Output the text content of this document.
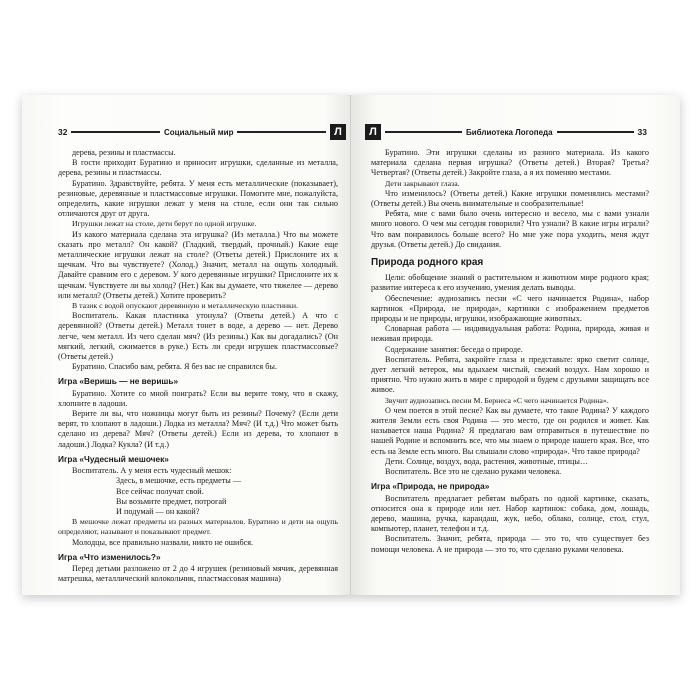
32	Социальный мир	Л
дерева, резины и пластмассы.
В гости приходит Буратино и приносит игрушки, сделанные из металла, дерева, резины и пластмассы.
Буратино. Здравствуйте, ребята. У меня есть металлические (показывает), резиновые, деревянные и пластмассовые игрушки. Помогите мне, пожалуйста, определить, какие игрушки лежат у меня на столе, если они так сильно отличаются друг от друга.
Игрушки лежат на столе, дети берут по одной игрушке.
Из какого материала сделана эта игрушка? (Из металла.) Что вы можете сказать про металл? Он какой? (Гладкий, твердый, прочный.) Какие еще металлические игрушки лежат на столе? (Ответы детей.) Прислоните их к щечкам. Что вы чувствуете? (Холод.) Значит, металл на ощупь холодный. Давайте сравним его с деревом. У кого деревянные игрушки? Прислоните их к щечкам. Чувствуете ли вы холод? (Нет.) Как вы думаете, что тяжелее — дерево или металл? (Ответы детей.) Хотите проверить?
В тазик с водой опускают деревянную и металлическую пластинки.
Воспитатель. Какая пластинка утонула? (Ответы детей.) А что с деревянной? (Ответы детей.) Металл тонет в воде, а дерево — нет. Дерево легче, чем металл. Из чего сделан мяч? (Из резины.) Как вы догадались? (Он мягкий, легкий, сжимается в руке.) Есть ли среди игрушек пластмассовые? (Ответы детей.)
Буратино. Спасибо вам, ребята. Я без вас не справился бы.
Игра «Веришь — не веришь»
Буратино. Хотите со мной поиграть? Если вы верите тому, что я скажу, хлопните в ладоши.
Верите ли вы, что ножницы могут быть из резины? Почему? (Если дети верят, то хлопают в ладоши.) Лодка из металла? Мяч? (И т.д.) Что может быть сделано из дерева? Мяч? (Ответы детей.) Если из дерева, то хлопают в ладоши.) Лодка? Кукла? (И т.д.)
Игра «Чудесный мешочек»
Воспитатель. А у меня есть чудесный мешок:
Здесь, в мешочке, есть предметы —
Все сейчас получат свой.
Вы возьмите предмет, потрогай
И подумай — он какой?
В мешочке лежат предметы из разных материалов. Буратино и дети на ощупь определяют, называют и показывают предмет.
Молодцы, все правильно назвали, никто не ошибся.
Игра «Что изменилось?»
Перед детьми разложено от 2 до 4 игрушек (резиновый мячик, деревянная матрешка, металлический колокольчик, пластмассовая машина)
Л	Библиотека Логопеда	33
Буратино. Эти игрушки сделаны из разного материала. Из какого материала сделана первая игрушка? (Ответы детей.) Вторая? Третья? Четвертая? (Ответы детей.) Закройте глаза, а я их поменяю местами.
Дети закрывают глаза.
Что изменилось? (Ответы детей.) Какие игрушки поменялись местами? (Ответы детей.) Вы очень внимательные и сообразительные!
Ребята, мне с вами было очень интересно и весело, мы с вами узнали много нового. О чем мы сегодня говорили? Что узнали? В какие игры играли? Что вам понравилось больше всего? Но мне уже пора уходить, меня ждут друзья. (Ответы детей.) До свидания.
Природа родного края
Цели: обобщение знаний о растительном и животном мире родного края; развитие интереса к его изучению, умения делать выводы.
Обеспечение: аудиозапись песни «С чего начинается Родина», набор картинок «Природа, не природа», картинки с изображением предметов природы и не природы, игрушки, изображающие животных.
Словарная работа — индивидуальная работа: Родина, природа, живая и неживая природа.
Содержание занятия: беседа о природе.
Воспитатель. Ребята, закройте глаза и представьте: ярко светит солнце, дует легкий ветерок, мы вдыхаем чистый, свежий воздух. Нам хорошо и приятно. Что нужно жить в мире с природой и будем с друзьями защищать все живое.
Звучит аудиозапись песни М. Бернеса «С чего начинается Родина».
О чем поется в этой песне? Как вы думаете, что такое Родина? У каждого жителя Земли есть своя Родина — это место, где он родился и живет. Как называется наша Родина? Я предлагаю вам отправиться в путешествие по нашей Родине и вспомнить все, что мы знаем о природе нашего края. Все, что есть на Земле есть много. Вы слышали слово «природа». Что такое природа?
Дети. Солнце, воздух, вода, растения, животные, птицы…
Воспитатель. Все это не сделано руками человека.
Игра «Природа, не природа»
Воспитатель предлагает ребятам выбрать по одной картинке, сказать, относится она к природе или нет. Набор картинок: собака, дом, лошадь, дерево, машина, ручка, карандаш, жук, небо, облако, солнце, стол, стул, компьютер, планет, телефон и т.д.
Воспитатель. Значит, ребята, природа — это то, что существует без помощи человека. А не природа — это то, что сделано руками человека.
